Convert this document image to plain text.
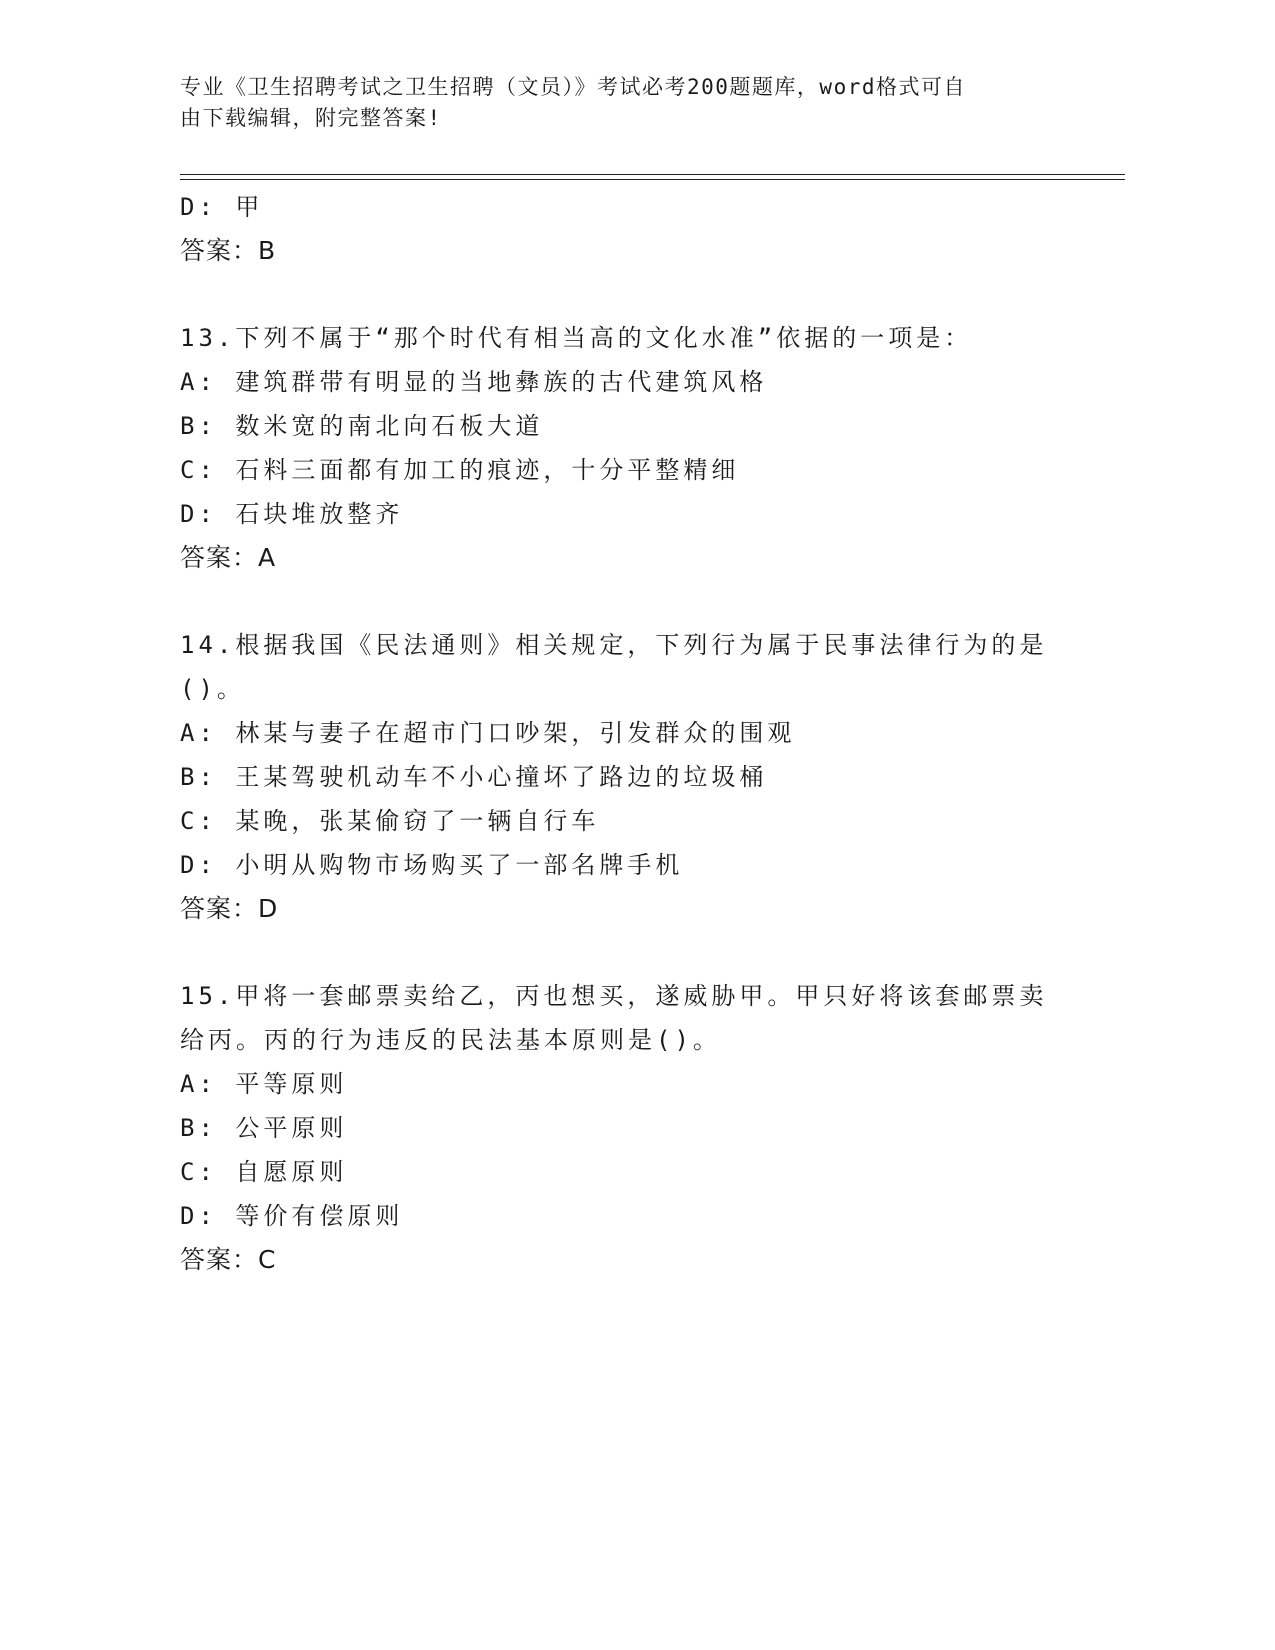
专业《卫生招聘考试之卫生招聘（文员）》考试必考200题题库，word格式可自
由下载编辑，附完整答案!
D: 甲
答案：B
13.下列不属于“那个时代有相当高的文化水准”依据的一项是：
A: 建筑群带有明显的当地彝族的古代建筑风格
B: 数米宽的南北向石板大道
C: 石料三面都有加工的痕迹，十分平整精细
D: 石块堆放整齐
答案：A
14.根据我国《民法通则》相关规定，下列行为属于民事法律行为的是
()。
A: 林某与妻子在超市门口吵架，引发群众的围观
B: 王某驾驶机动车不小心撞坏了路边的垃圾桶
C: 某晚，张某偷窃了一辆自行车
D: 小明从购物市场购买了一部名牌手机
答案：D
15.甲将一套邮票卖给乙，丙也想买，遂威胁甲。甲只好将该套邮票卖
给丙。丙的行为违反的民法基本原则是()。
A: 平等原则
B: 公平原则
C: 自愿原则
D: 等价有偿原则
答案：C
